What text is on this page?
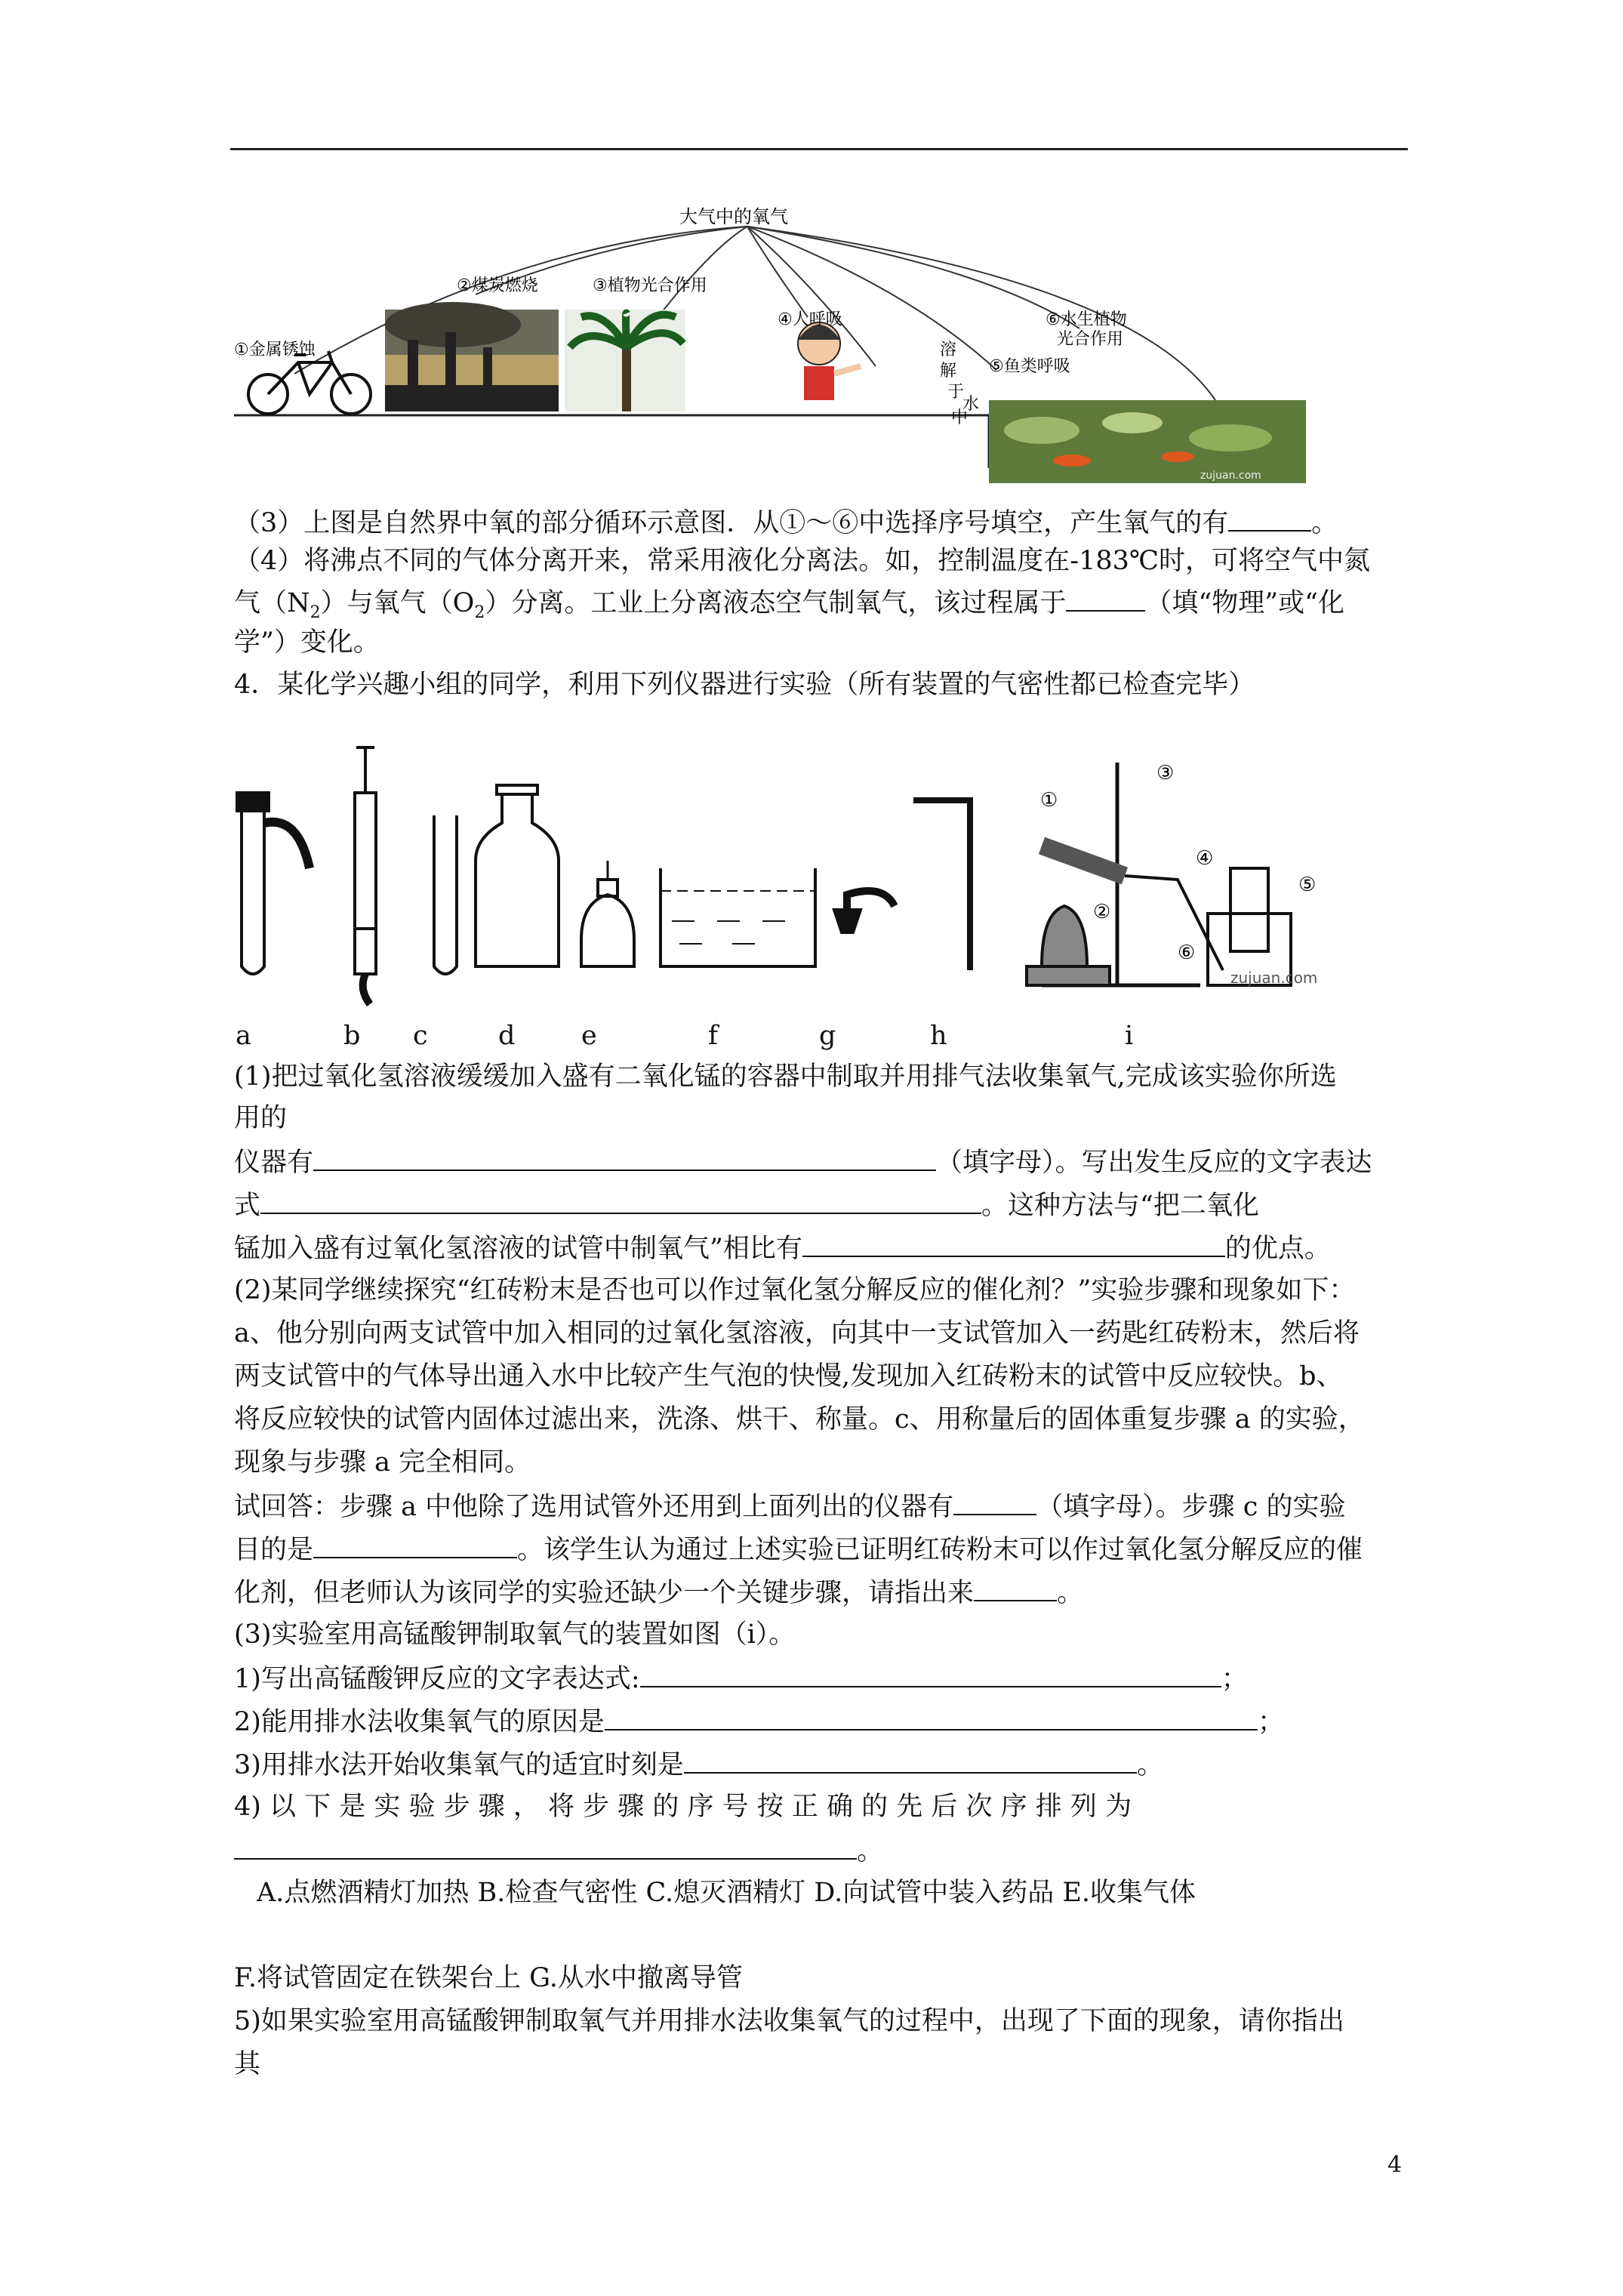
大气中的氧气
①金属锈蚀
②煤炭燃烧	③植物光合作用
④人呼吸
溶
解
于
水
中
⑤鱼类呼吸
⑥水生植物
光合作用
zujuan.com
（3）上图是自然界中氧的部分循环示意图．从①～⑥中选择序号填空，产生氧气的有	。
（4）将沸点不同的气体分离开来，常采用液化分离法。如，控制温度在-183℃时，可将空气中氮
气$(N_2)$与氧气$(O_2)$分离。工业上分离液态空气制氧气，该过程属于	（填“物理”或“化
学”）变化。
4．某化学兴趣小组的同学，利用下列仪器进行实验（所有装置的气密性都已检查完毕）
①
②
③
④
⑤
⑥
zujuan.com
a	b c	d	e	f	g	h	i
(1)把过氧化氢溶液缓缓加入盛有二氧化锰的容器中制取并用排气法收集氧气,完成该实验你所选
用的
仪器有	（填字母）。写出发生反应的文字表达
式	。这种方法与“把二氧化
锰加入盛有过氧化氢溶液的试管中制氧气”相比有	的优点。
(2)某同学继续探究“红砖粉末是否也可以作过氧化氢分解反应的催化剂？”实验步骤和现象如下：
a、他分别向两支试管中加入相同的过氧化氢溶液，向其中一支试管加入一药匙红砖粉末，然后将
两支试管中的气体导出通入水中比较产生气泡的快慢,发现加入红砖粉末的试管中反应较快。b、
将反应较快的试管内固体过滤出来，洗涤、烘干、称量。c、用称量后的固体重复步骤 a 的实验，
现象与步骤 a 完全相同。
试回答：步骤 a 中他除了选用试管外还用到上面列出的仪器有	（填字母）。步骤 c 的实验
目的是	。该学生认为通过上述实验已证明红砖粉末可以作过氧化氢分解反应的催
化剂，但老师认为该同学的实验还缺少一个关键步骤，请指出来	。
(3)实验室用高锰酸钾制取氧气的装置如图（i）。
1)写出高锰酸钾反应的文字表达式:	；
2)能用排水法收集氧气的原因是	；
3)用排水法开始收集氧气的适宜时刻是	。
4) 以 下 是 实 验 步 骤 ， 将 步 骤 的 序 号 按 正 确 的 先 后 次 序 排 列 为
。
A.点燃酒精灯加热 B.检查气密性 C.熄灭酒精灯 D.向试管中装入药品 E.收集气体
F.将试管固定在铁架台上 G.从水中撤离导管
5)如果实验室用高锰酸钾制取氧气并用排水法收集氧气的过程中，出现了下面的现象，请你指出
其
4
